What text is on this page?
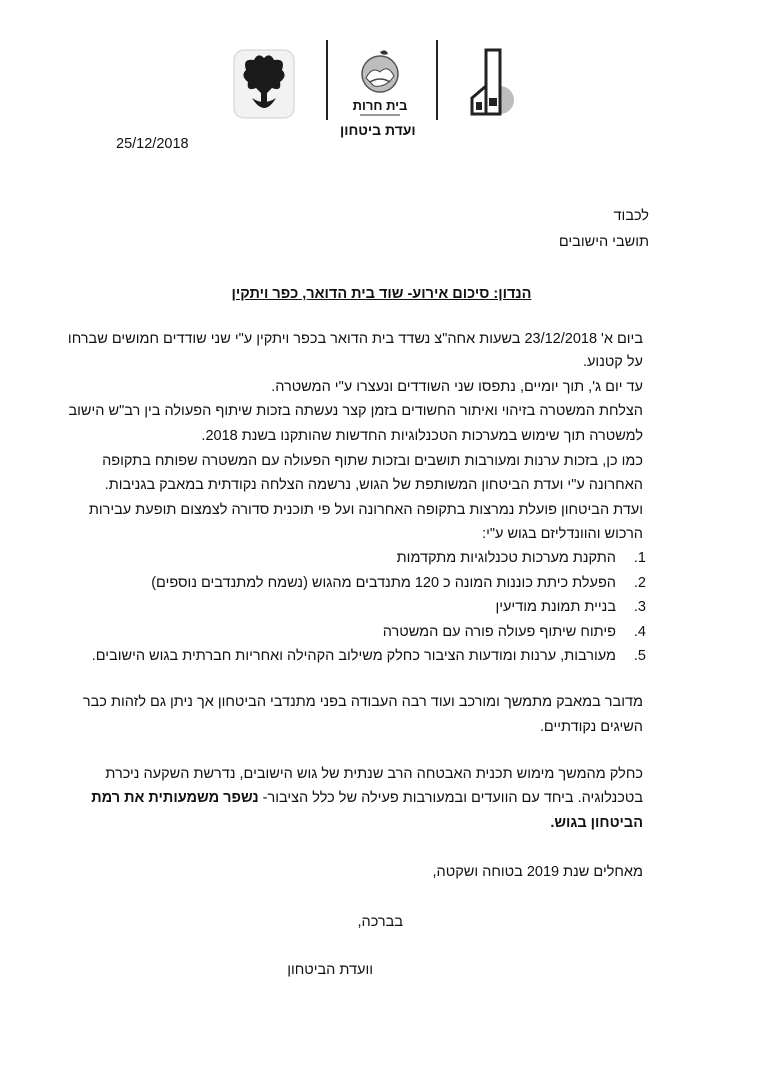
בית חרות
ועדת ביטחון
25/12/2018
לכבוד
תושבי הישובים
הנדון: סיכום אירוע- שוד בית הדואר, כפר ויתקין
ביום א' 23/12/2018 בשעות אחה"צ נשדד בית הדואר בכפר ויתקין ע"י שני שודדים חמושים שברחו
על קטנוע.
עד יום ג', תוך יומיים, נתפסו שני השודדים ונעצרו ע"י המשטרה.
הצלחת המשטרה בזיהוי ואיתור החשודים בזמן קצר נעשתה בזכות שיתוף הפעולה בין רב"ש הישוב
למשטרה תוך שימוש במערכות הטכנלוגיות החדשות שהותקנו בשנת 2018.
כמו כן, בזכות ערנות ומעורבות תושבים ובזכות שתוף הפעולה עם המשטרה שפותח בתקופה
האחרונה ע"י ועדת הביטחון המשותפת של הגוש, נרשמה הצלחה נקודתית במאבק בגניבות.
ועדת הביטחון פועלת נמרצות בתקופה האחרונה ועל פי תוכנית סדורה לצמצום תופעת עבירות
הרכוש והוונדליזם בגוש ע"י:
1.התקנת מערכות טכנלוגיות מתקדמות
2.הפעלת כיתת כוננות המונה כ 120 מתנדבים מהגוש (נשמח למתנדבים נוספים)
3.בניית תמונת מודיעין
4.פיתוח שיתוף פעולה פורה עם המשטרה
5.מעורבות, ערנות ומודעות הציבור כחלק משילוב הקהילה ואחריות חברתית בגוש הישובים.
מדובר במאבק מתמשך ומורכב ועוד רבה העבודה בפני מתנדבי הביטחון אך ניתן גם לזהות כבר
השיגים נקודתיים.
כחלק מהמשך מימוש תכנית האבטחה הרב שנתית של גוש הישובים, נדרשת השקעה ניכרת
בטכנלוגיה. ביחד עם הוועדים ובמעורבות פעילה של כלל הציבור- נשפר משמעותית את רמת
הביטחון בגוש.
מאחלים שנת 2019 בטוחה ושקטה,
בברכה,
וועדת הביטחון
